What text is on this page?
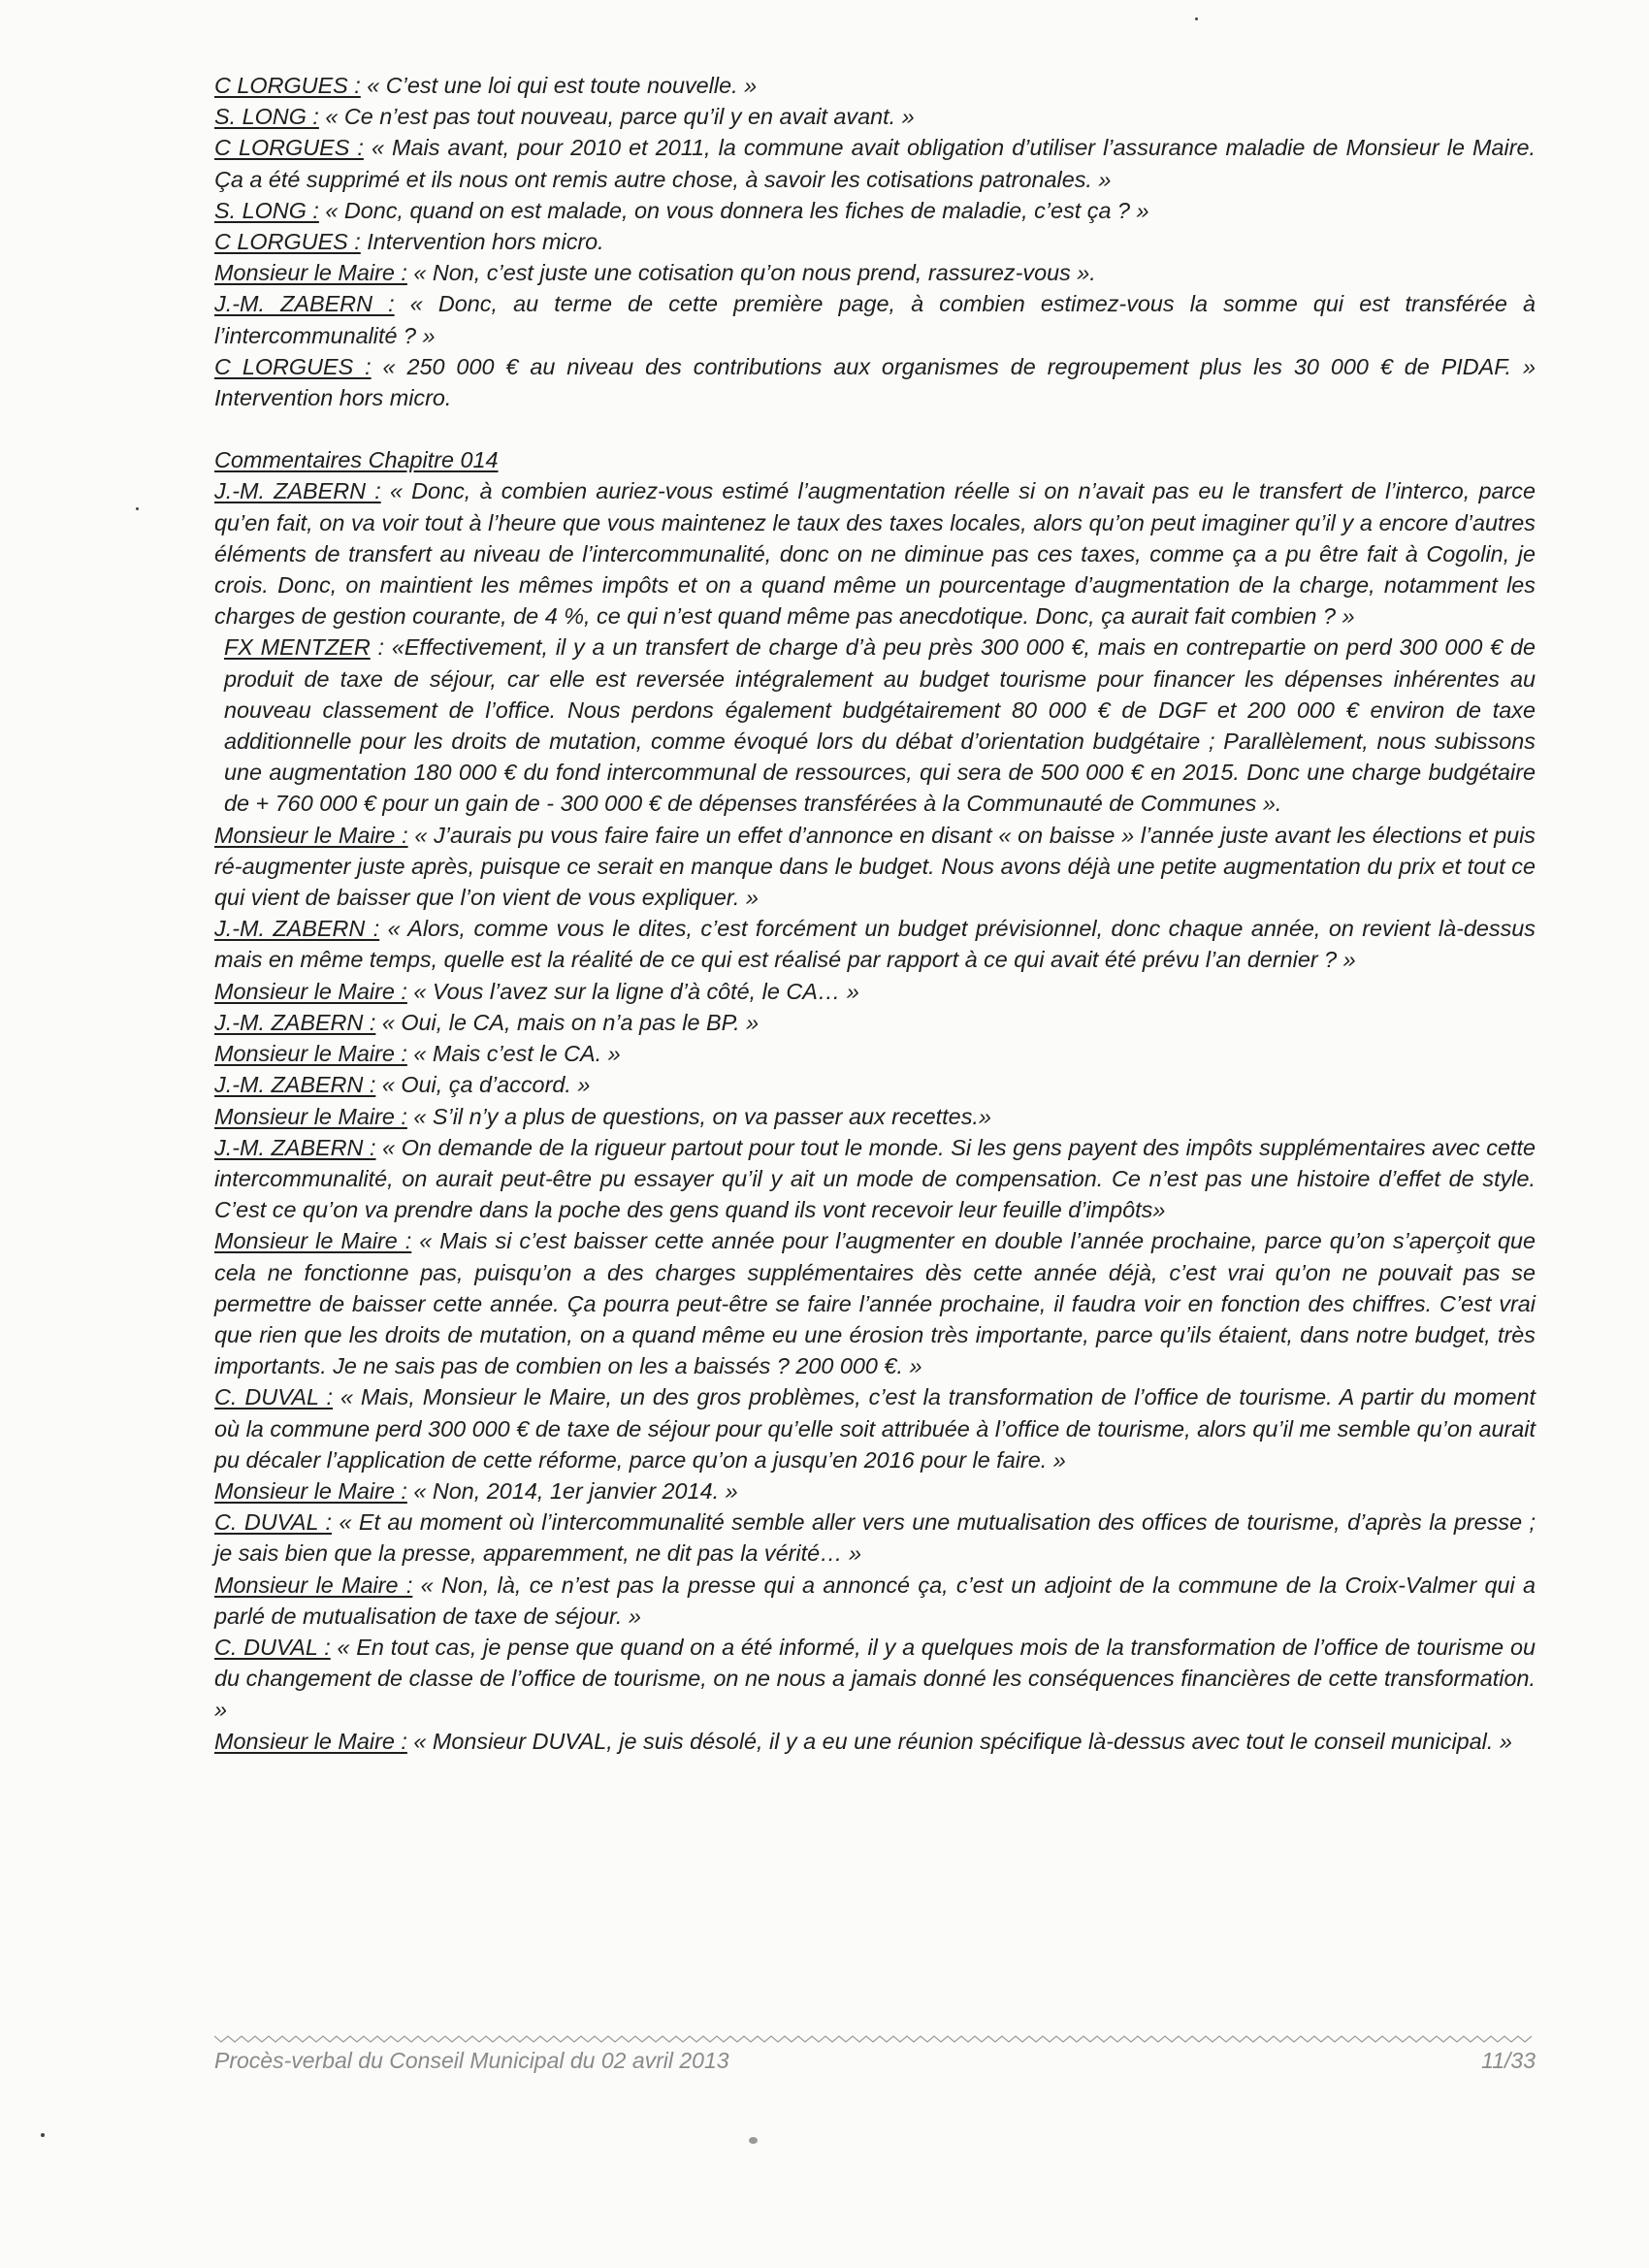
C LORGUES : « C’est une loi qui est toute nouvelle. »
S. LONG : « Ce n’est pas tout nouveau, parce qu’il y en avait avant. »
C LORGUES : « Mais avant, pour 2010 et 2011, la commune avait obligation d’utiliser l’assurance maladie de Monsieur le Maire. Ça a été supprimé et ils nous ont remis autre chose, à savoir les cotisations patronales. »
S. LONG : « Donc, quand on est malade, on vous donnera les fiches de maladie, c’est ça ? »
C LORGUES : Intervention hors micro.
Monsieur le Maire : « Non, c’est juste une cotisation qu’on nous prend, rassurez-vous ».
J.-M. ZABERN : « Donc, au terme de cette première page, à combien estimez-vous la somme qui est transférée à l’intercommunalité ? »
C LORGUES : « 250 000 € au niveau des contributions aux organismes de regroupement plus les 30 000 € de PIDAF. » Intervention hors micro.
Commentaires Chapitre 014
J.-M. ZABERN : « Donc, à combien auriez-vous estimé l’augmentation réelle si on n’avait pas eu le transfert de l’interco, parce qu’en fait, on va voir tout à l’heure que vous maintenez le taux des taxes locales, alors qu’on peut imaginer qu’il y a encore d’autres éléments de transfert au niveau de l’intercommunalité, donc on ne diminue pas ces taxes, comme ça a pu être fait à Cogolin, je crois. Donc, on maintient les mêmes impôts et on a quand même un pourcentage d’augmentation de la charge, notamment les charges de gestion courante, de 4 %, ce qui n’est quand même pas anecdotique. Donc, ça aurait fait combien ? »
FX MENTZER : «Effectivement, il y a un transfert de charge d’à peu près 300 000 €, mais en contrepartie on perd 300 000 € de produit de taxe de séjour, car elle est reversée intégralement au budget tourisme pour financer les dépenses inhérentes au nouveau classement de l’office. Nous perdons également budgétairement 80 000 € de DGF et 200 000 € environ de taxe additionnelle pour les droits de mutation, comme évoqué lors du débat d’orientation budgétaire ; Parallèlement, nous subissons une augmentation 180 000 € du fond intercommunal de ressources, qui sera de 500 000 € en 2015. Donc une charge budgétaire de + 760 000 € pour un gain de - 300 000 € de dépenses transférées à la Communauté de Communes ».
Monsieur le Maire : « J’aurais pu vous faire faire un effet d’annonce en disant « on baisse » l’année juste avant les élections et puis ré-augmenter juste après, puisque ce serait en manque dans le budget. Nous avons déjà une petite augmentation du prix et tout ce qui vient de baisser que l’on vient de vous expliquer. »
J.-M. ZABERN : « Alors, comme vous le dites, c’est forcément un budget prévisionnel, donc chaque année, on revient là-dessus mais en même temps, quelle est la réalité de ce qui est réalisé par rapport à ce qui avait été prévu l’an dernier ? »
Monsieur le Maire : « Vous l’avez sur la ligne d’à côté, le CA… »
J.-M. ZABERN : « Oui, le CA, mais on n’a pas le BP. »
Monsieur le Maire : « Mais c’est le CA. »
J.-M. ZABERN : « Oui, ça d’accord. »
Monsieur le Maire : « S’il n’y a plus de questions, on va passer aux recettes.»
J.-M. ZABERN : « On demande de la rigueur partout pour tout le monde. Si les gens payent des impôts supplémentaires avec cette intercommunalité, on aurait peut-être pu essayer qu’il y ait un mode de compensation. Ce n’est pas une histoire d’effet de style. C’est ce qu’on va prendre dans la poche des gens quand ils vont recevoir leur feuille d’impôts»
Monsieur le Maire : « Mais si c’est baisser cette année pour l’augmenter en double l’année prochaine, parce qu’on s’aperçoit que cela ne fonctionne pas, puisqu’on a des charges supplémentaires dès cette année déjà, c’est vrai qu’on ne pouvait pas se permettre de baisser cette année. Ça pourra peut-être se faire l’année prochaine, il faudra voir en fonction des chiffres. C’est vrai que rien que les droits de mutation, on a quand même eu une érosion très importante, parce qu’ils étaient, dans notre budget, très importants. Je ne sais pas de combien on les a baissés ? 200 000 €. »
C. DUVAL : « Mais, Monsieur le Maire, un des gros problèmes, c’est la transformation de l’office de tourisme. A partir du moment où la commune perd 300 000 € de taxe de séjour pour qu’elle soit attribuée à l’office de tourisme, alors qu’il me semble qu’on aurait pu décaler l’application de cette réforme, parce qu’on a jusqu’en 2016 pour le faire. »
Monsieur le Maire : « Non, 2014, 1er janvier 2014. »
C. DUVAL : « Et au moment où l’intercommunalité semble aller vers une mutualisation des offices de tourisme, d’après la presse ; je sais bien que la presse, apparemment, ne dit pas la vérité… »
Monsieur le Maire : « Non, là, ce n’est pas la presse qui a annoncé ça, c’est un adjoint de la commune de la Croix-Valmer qui a parlé de mutualisation de taxe de séjour. »
C. DUVAL : « En tout cas, je pense que quand on a été informé, il y a quelques mois de la transformation de l’office de tourisme ou du changement de classe de l’office de tourisme, on ne nous a jamais donné les conséquences financières de cette transformation. »
Monsieur le Maire : « Monsieur DUVAL, je suis désolé, il y a eu une réunion spécifique là-dessus avec tout le conseil municipal. »
Procès-verbal du Conseil Municipal du 02 avril 2013	11/33
